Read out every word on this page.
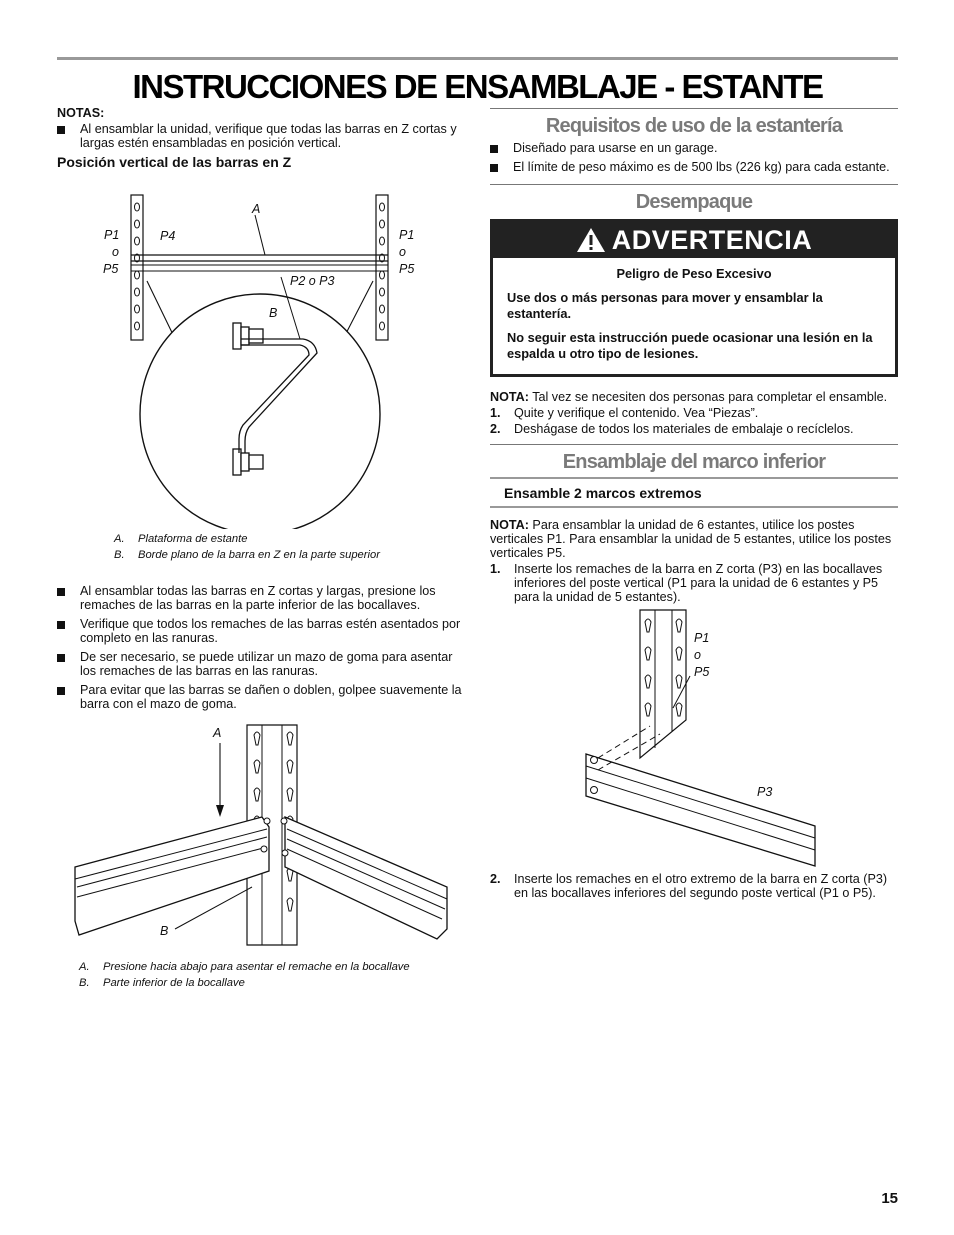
INSTRUCCIONES DE ENSAMBLAJE - ESTANTE
NOTAS:
Al ensamblar la unidad, verifique que todas las barras en Z cortas y largas estén ensambladas en posición vertical.
Posición vertical de las barras en Z
A
P4
P1
o
P5
P1
o
P5
P2 o P3
B
A. Plataforma de estante
B. Borde plano de la barra en Z en la parte superior
Al ensamblar todas las barras en Z cortas y largas, presione los remaches de las barras en la parte inferior de las bocallaves.
Verifique que todos los remaches de las barras estén asentados por completo en las ranuras.
De ser necesario, se puede utilizar un mazo de goma para asentar los remaches de las barras en las ranuras.
Para evitar que las barras se dañen o doblen, golpee suavemente la barra con el mazo de goma.
A
B
A. Presione hacia abajo para asentar el remache en la bocallave
B. Parte inferior de la bocallave
Requisitos de uso de la estantería
Diseñado para usarse en un garage.
El límite de peso máximo es de 500 lbs (226 kg) para cada estante.
Desempaque
ADVERTENCIA
Peligro de Peso Excesivo

Use dos o más personas para mover y ensamblar la estantería.

No seguir esta instrucción puede ocasionar una lesión en la espalda u otro tipo de lesiones.

NOTA: Tal vez se necesiten dos personas para completar el ensamble.
1. Quite y verifique el contenido. Vea “Piezas”.
2. Deshágase de todos los materiales de embalaje o recíclelos.
Ensamblaje del marco inferior
Ensamble 2 marcos extremos
NOTA: Para ensamblar la unidad de 6 estantes, utilice los postes verticales P1. Para ensamblar la unidad de 5 estantes, utilice los postes verticales P5.
1. Inserte los remaches de la barra en Z corta (P3) en las bocallaves inferiores del poste vertical (P1 para la unidad de 6 estantes y P5 para la unidad de 5 estantes).
P1
o
P5
P3
2. Inserte los remaches en el otro extremo de la barra en Z corta (P3) en las bocallaves inferiores del segundo poste vertical (P1 o P5).
15
